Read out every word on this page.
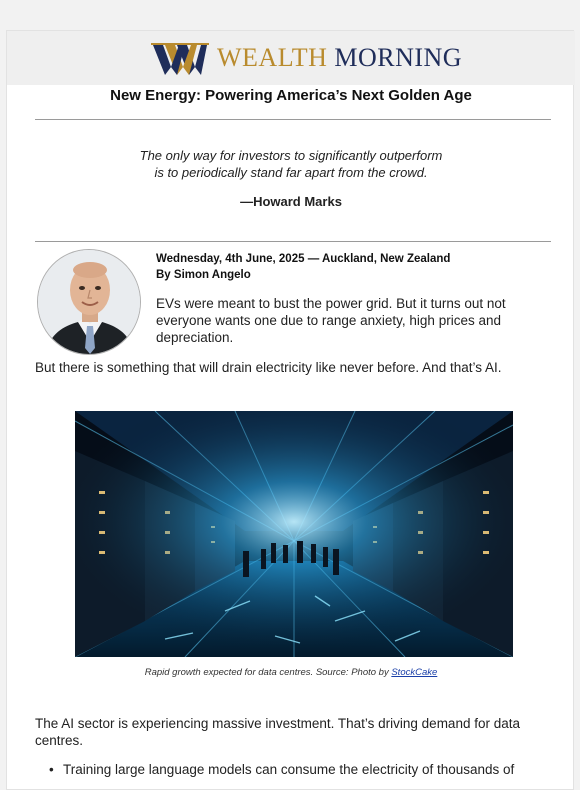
WEALTH MORNING
New Energy: Powering America’s Next Golden Age
The only way for investors to significantly outperform
is to periodically stand far apart from the crowd.
—Howard Marks
Wednesday, 4th June, 2025 — Auckland, New Zealand
By Simon Angelo
EVs were meant to bust the power grid. But it turns out not everyone wants one due to range anxiety, high prices and depreciation.
But there is something that will drain electricity like never before. And that’s AI.
Rapid growth expected for data centres. Source: Photo by StockCake
The AI sector is experiencing massive investment. That’s driving demand for data centres.
• Training large language models can consume the electricity of thousands of
